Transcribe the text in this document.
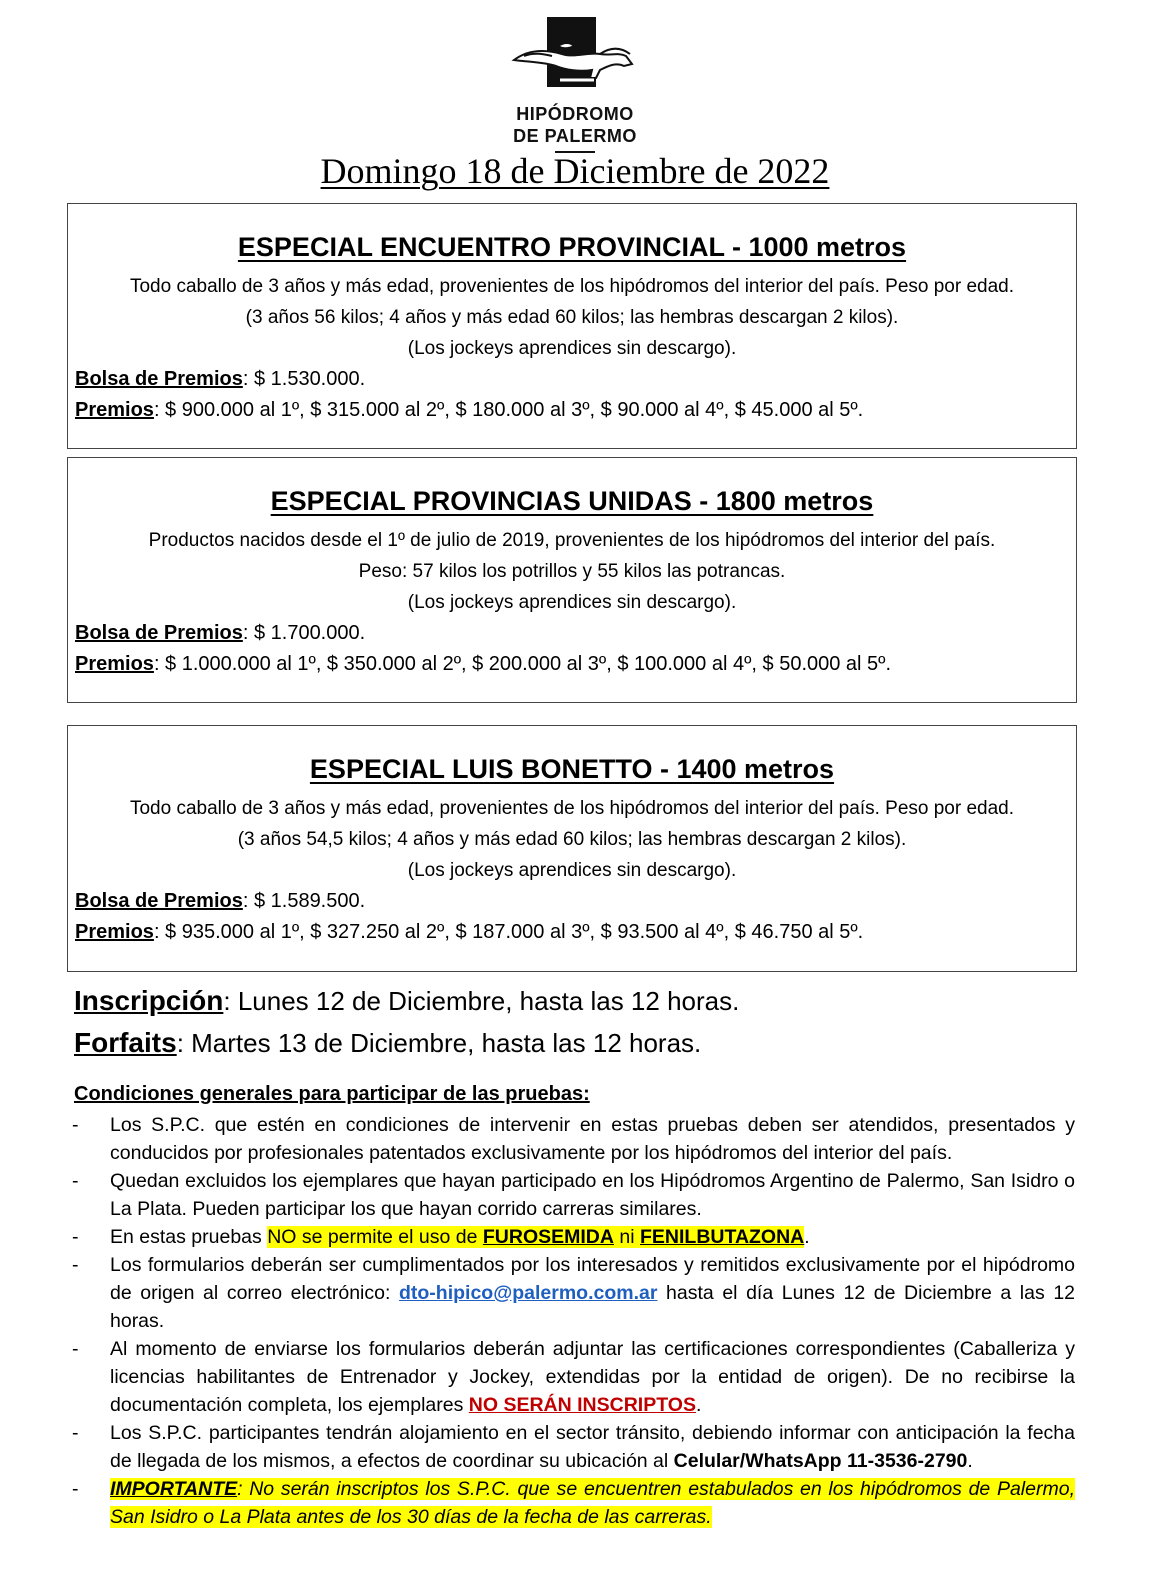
HIPÓDROMO
DE PALERMO
Domingo 18 de Diciembre de 2022
ESPECIAL ENCUENTRO PROVINCIAL - 1000 metros
Todo caballo de 3 años y más edad, provenientes de los hipódromos del interior del país. Peso por edad.
(3 años 56 kilos; 4 años y más edad 60 kilos; las hembras descargan 2 kilos).
(Los jockeys aprendices sin descargo).
Bolsa de Premios: $ 1.530.000.
Premios: $ 900.000 al 1º, $ 315.000 al 2º, $ 180.000 al 3º, $ 90.000 al 4º, $ 45.000 al 5º.
ESPECIAL PROVINCIAS UNIDAS - 1800 metros
Productos nacidos desde el 1º de julio de 2019, provenientes de los hipódromos del interior del país.
Peso: 57 kilos los potrillos y 55 kilos las potrancas.
(Los jockeys aprendices sin descargo).
Bolsa de Premios: $ 1.700.000.
Premios: $ 1.000.000 al 1º, $ 350.000 al 2º, $ 200.000 al 3º, $ 100.000 al 4º, $ 50.000 al 5º.
ESPECIAL LUIS BONETTO - 1400 metros
Todo caballo de 3 años y más edad, provenientes de los hipódromos del interior del país. Peso por edad.
(3 años 54,5 kilos; 4 años y más edad 60 kilos; las hembras descargan 2 kilos).
(Los jockeys aprendices sin descargo).
Bolsa de Premios: $ 1.589.500.
Premios: $ 935.000 al 1º, $ 327.250 al 2º, $ 187.000 al 3º, $ 93.500 al 4º, $ 46.750 al 5º.
Inscripción: Lunes 12 de Diciembre, hasta las 12 horas.
Forfaits: Martes 13 de Diciembre, hasta las 12 horas.
Condiciones generales para participar de las pruebas:
- Los S.P.C. que estén en condiciones de intervenir en estas pruebas deben ser atendidos, presentados y conducidos por profesionales patentados exclusivamente por los hipódromos del interior del país.
- Quedan excluidos los ejemplares que hayan participado en los Hipódromos Argentino de Palermo, San Isidro o La Plata. Pueden participar los que hayan corrido carreras similares.
- En estas pruebas NO se permite el uso de FUROSEMIDA ni FENILBUTAZONA.
- Los formularios deberán ser cumplimentados por los interesados y remitidos exclusivamente por el hipódromo de origen al correo electrónico: dto-hipico@palermo.com.ar hasta el día Lunes 12 de Diciembre a las 12 horas.
- Al momento de enviarse los formularios deberán adjuntar las certificaciones correspondientes (Caballeriza y licencias habilitantes de Entrenador y Jockey, extendidas por la entidad de origen). De no recibirse la documentación completa, los ejemplares NO SERÁN INSCRIPTOS.
- Los S.P.C. participantes tendrán alojamiento en el sector tránsito, debiendo informar con anticipación la fecha de llegada de los mismos, a efectos de coordinar su ubicación al Celular/WhatsApp 11-3536-2790.
- IMPORTANTE: No serán inscriptos los S.P.C. que se encuentren estabulados en los hipódromos de Palermo, San Isidro o La Plata antes de los 30 días de la fecha de las carreras.
